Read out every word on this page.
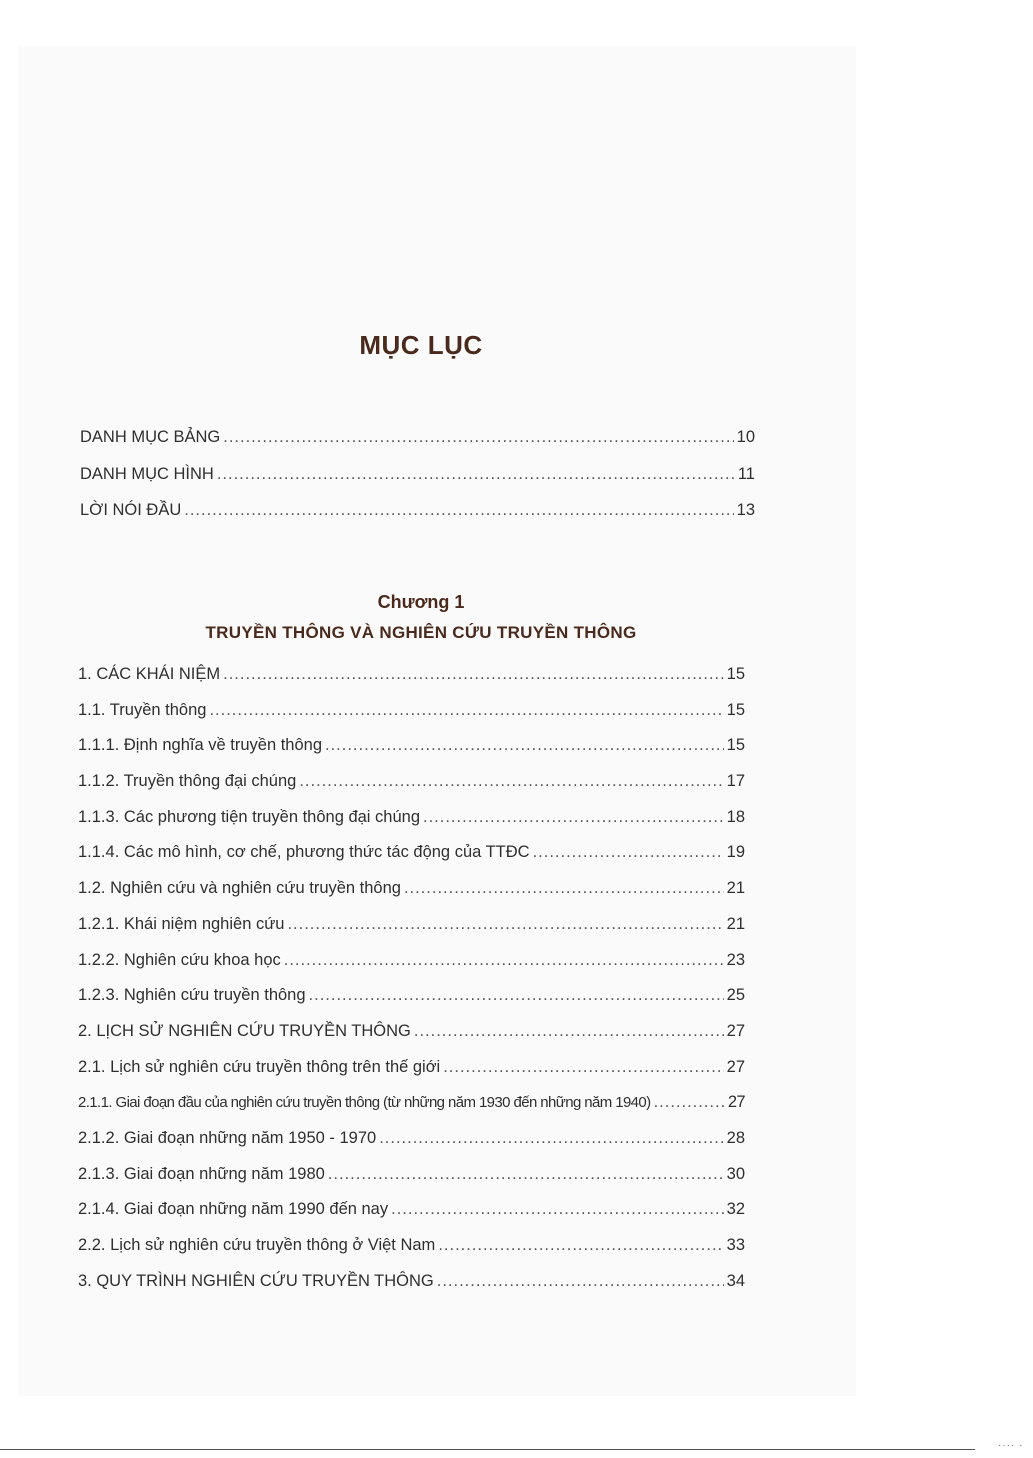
MỤC LỤC
DANH MỤC BẢNG .....	10
DANH MỤC HÌNH .....	11
LỜI NÓI ĐẦU .....	13
Chương 1
TRUYỀN THÔNG VÀ NGHIÊN CỨU TRUYỀN THÔNG
1. CÁC KHÁI NIỆM .....	15
1.1. Truyền thông .....	15
1.1.1. Định nghĩa về truyền thông .....	15
1.1.2. Truyền thông đại chúng .....	17
1.1.3. Các phương tiện truyền thông đại chúng .....	18
1.1.4. Các mô hình, cơ chế, phương thức tác động của TTĐC .....	19
1.2. Nghiên cứu và nghiên cứu truyền thông .....	21
1.2.1. Khái niệm nghiên cứu .....	21
1.2.2. Nghiên cứu khoa học .....	23
1.2.3. Nghiên cứu truyền thông .....	25
2. LỊCH SỬ NGHIÊN CỨU TRUYỀN THÔNG .....	27
2.1. Lịch sử nghiên cứu truyền thông trên thế giới .....	27
2.1.1. Giai đoạn đầu của nghiên cứu truyền thông (từ những năm 1930 đến những năm 1940) .....	27
2.1.2. Giai đoạn những năm 1950 - 1970 .....	28
2.1.3. Giai đoạn những năm 1980 .....	30
2.1.4. Giai đoạn những năm 1990 đến nay .....	32
2.2. Lịch sử nghiên cứu truyền thông ở Việt Nam .....	33
3. QUY TRÌNH NGHIÊN CỨU TRUYỀN THÔNG .....	34
···· ·
